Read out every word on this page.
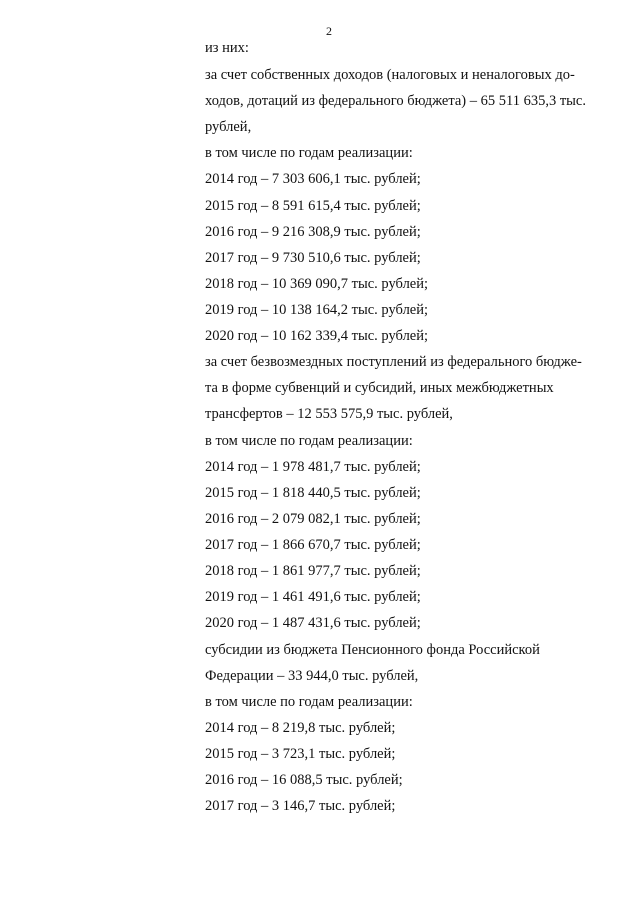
2
из них:
за счет собственных доходов (налоговых и неналоговых до-
ходов, дотаций из федерального бюджета) – 65 511 635,3 тыс.
рублей,
в том числе по годам реализации:
2014 год – 7 303 606,1 тыс. рублей;
2015 год – 8 591 615,4 тыс. рублей;
2016 год – 9 216 308,9 тыс. рублей;
2017 год – 9 730 510,6 тыс. рублей;
2018 год – 10 369 090,7 тыс. рублей;
2019 год – 10 138 164,2 тыс. рублей;
2020 год – 10 162 339,4 тыс. рублей;
за счет безвозмездных поступлений из федерального бюдже-
та в форме субвенций и субсидий, иных межбюджетных
трансфертов – 12 553 575,9 тыс. рублей,
в том числе по годам реализации:
2014 год – 1 978 481,7 тыс. рублей;
2015 год – 1 818 440,5 тыс. рублей;
2016 год – 2 079 082,1 тыс. рублей;
2017 год – 1 866 670,7 тыс. рублей;
2018 год – 1 861 977,7 тыс. рублей;
2019 год – 1 461 491,6 тыс. рублей;
2020 год – 1 487 431,6 тыс. рублей;
субсидии из бюджета Пенсионного фонда Российской
Федерации – 33 944,0 тыс. рублей,
в том числе по годам реализации:
2014 год – 8 219,8 тыс. рублей;
2015 год – 3 723,1 тыс. рублей;
2016 год – 16 088,5 тыс. рублей;
2017 год – 3 146,7 тыс. рублей;
